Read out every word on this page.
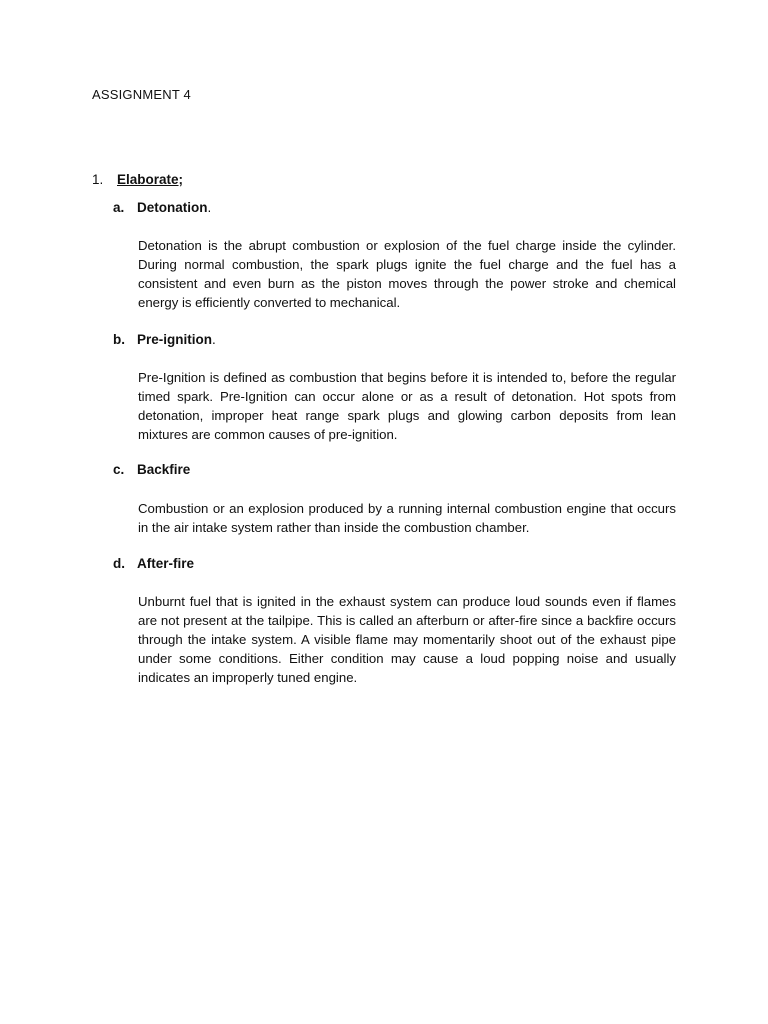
ASSIGNMENT 4
1. Elaborate;
a. Detonation.

Detonation is the abrupt combustion or explosion of the fuel charge inside the cylinder. During normal combustion, the spark plugs ignite the fuel charge and the fuel has a consistent and even burn as the piston moves through the power stroke and chemical energy is efficiently converted to mechanical.

b. Pre-ignition.

Pre-Ignition is defined as combustion that begins before it is intended to, before the regular timed spark. Pre-Ignition can occur alone or as a result of detonation. Hot spots from detonation, improper heat range spark plugs and glowing carbon deposits from lean mixtures are common causes of pre-ignition.

c. Backfire

Combustion or an explosion produced by a running internal combustion engine that occurs in the air intake system rather than inside the combustion chamber.

d. After-fire

Unburnt fuel that is ignited in the exhaust system can produce loud sounds even if flames are not present at the tailpipe. This is called an afterburn or after-fire since a backfire occurs through the intake system. A visible flame may momentarily shoot out of the exhaust pipe under some conditions. Either condition may cause a loud popping noise and usually indicates an improperly tuned engine.
